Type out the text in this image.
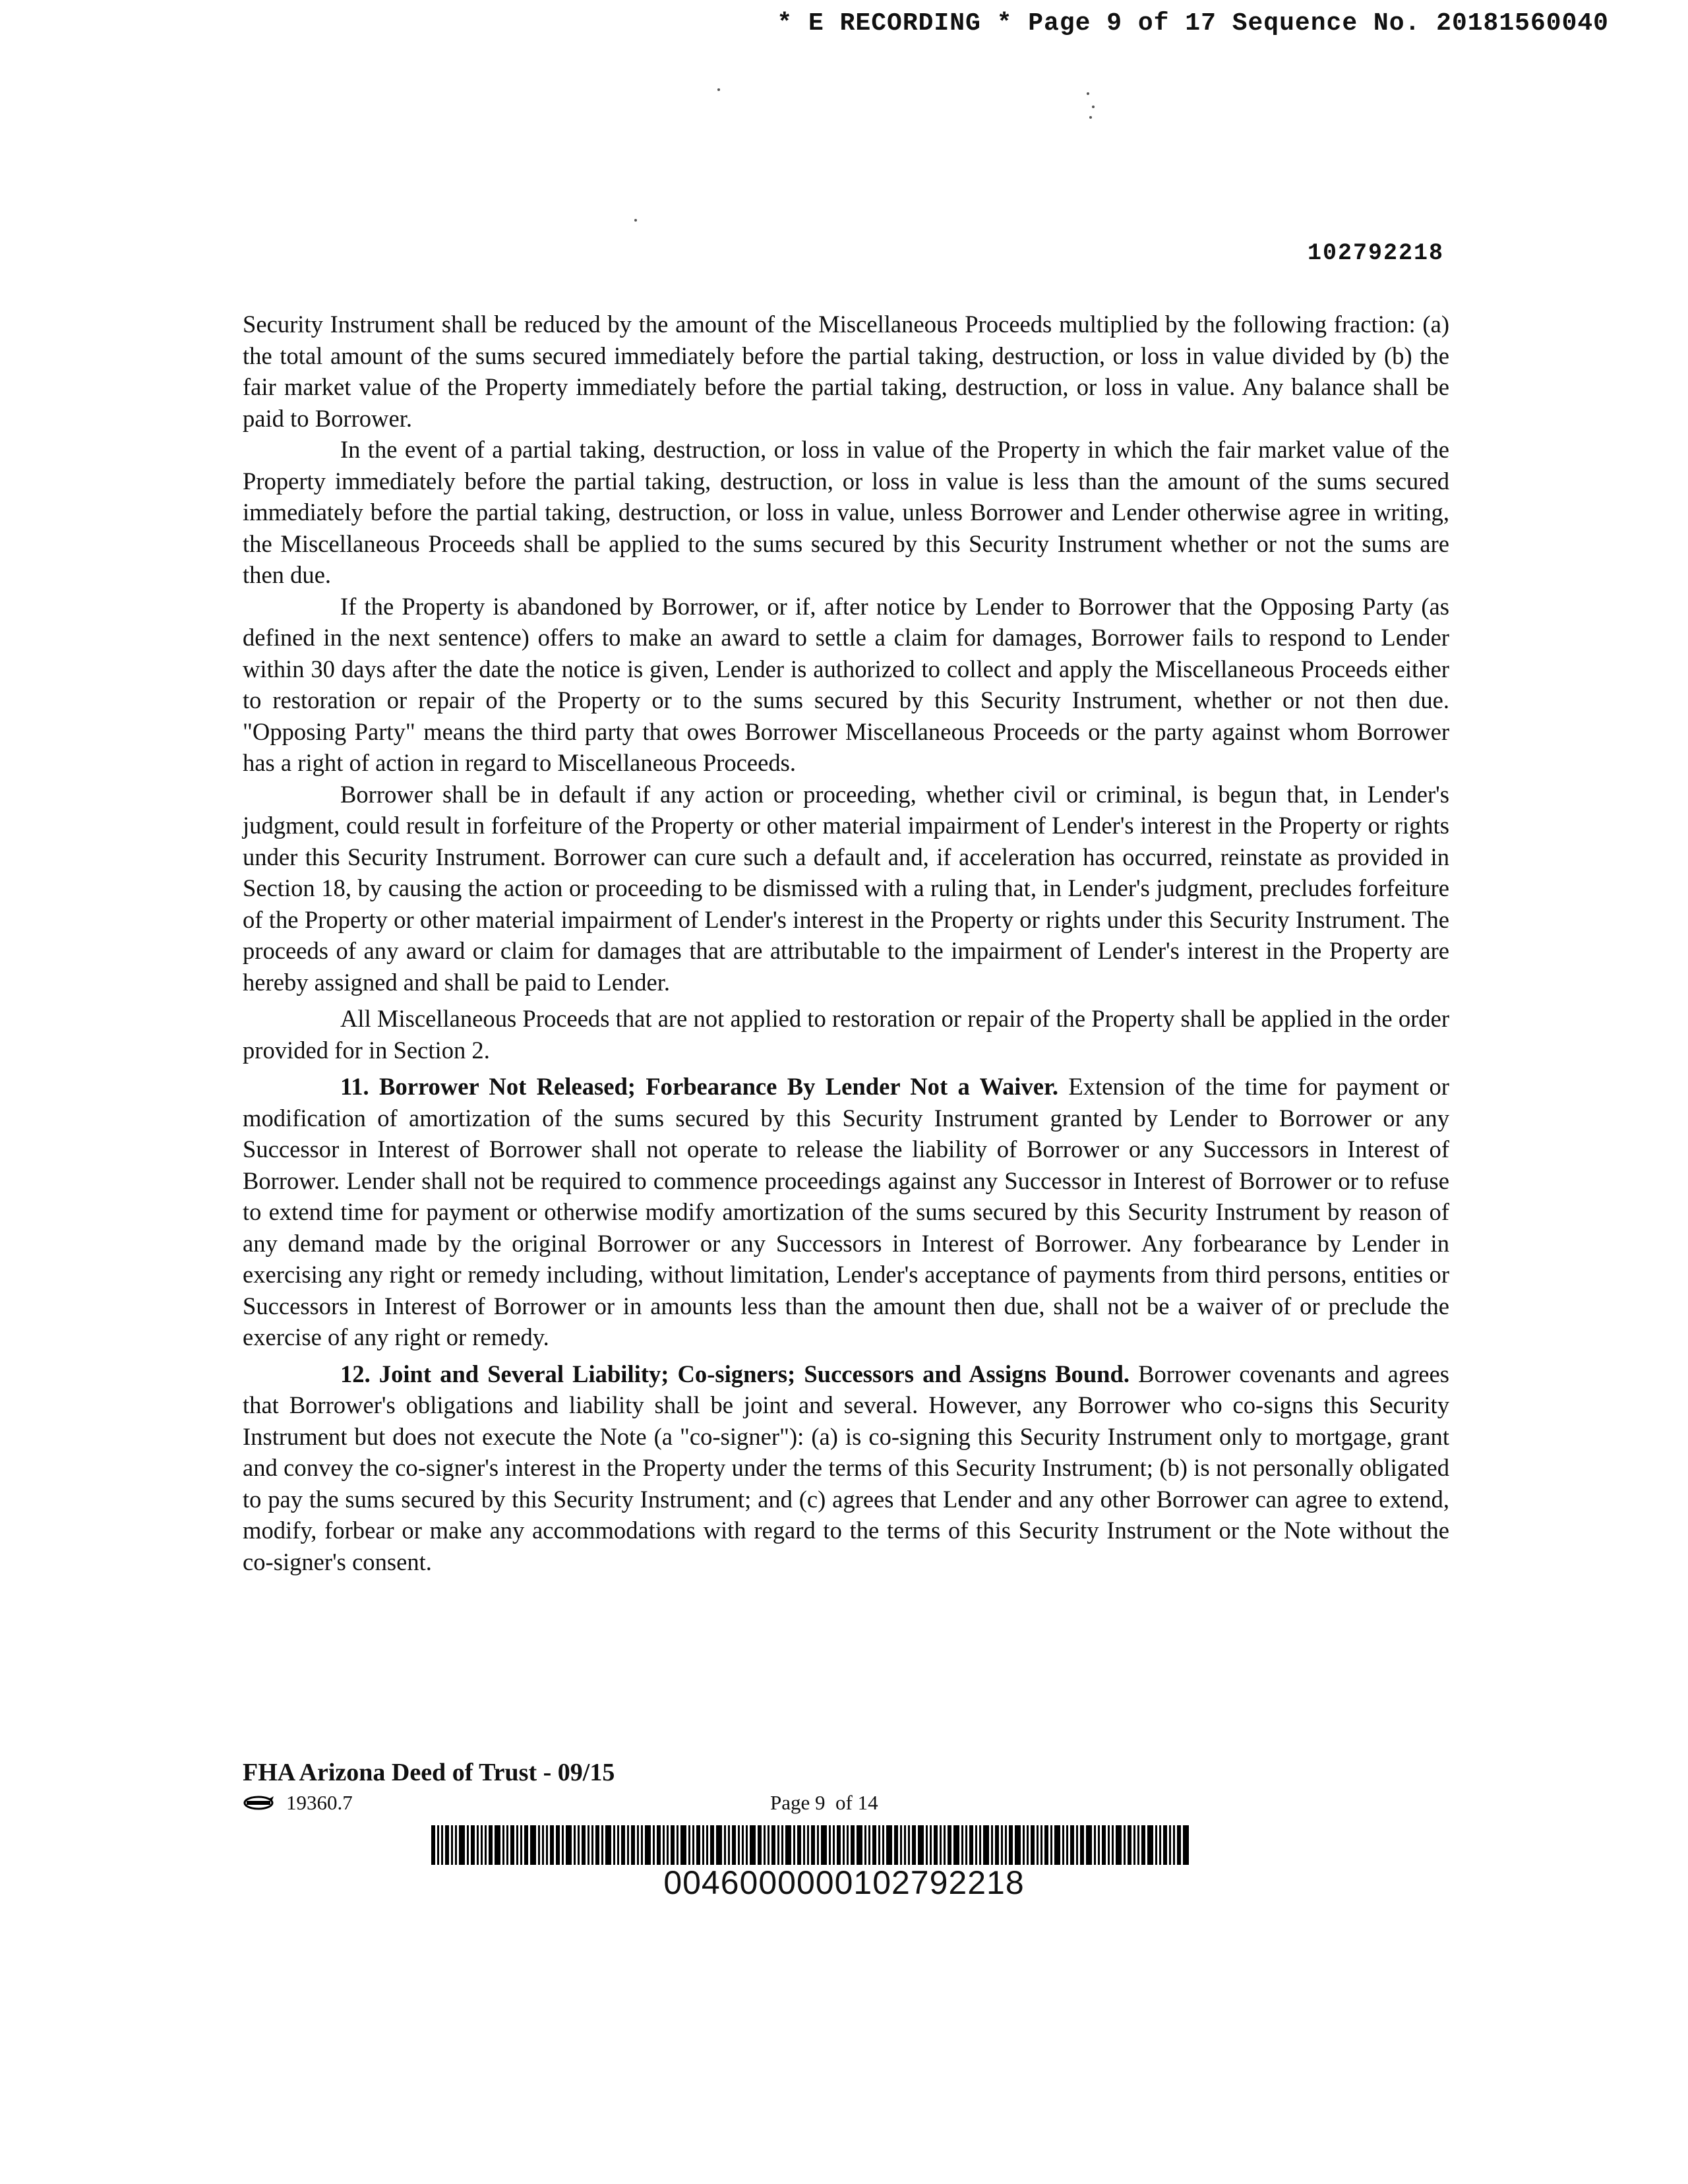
* E RECORDING * Page 9 of 17 Sequence No. 20181560040
102792218

Security Instrument shall be reduced by the amount of the Miscellaneous Proceeds multiplied by the following fraction: (a) the total amount of the sums secured immediately before the partial taking, destruction, or loss in value divided by (b) the fair market value of the Property immediately before the partial taking, destruction, or loss in value. Any balance shall be paid to Borrower.

In the event of a partial taking, destruction, or loss in value of the Property in which the fair market value of the Property immediately before the partial taking, destruction, or loss in value is less than the amount of the sums secured immediately before the partial taking, destruction, or loss in value, unless Borrower and Lender otherwise agree in writing, the Miscellaneous Proceeds shall be applied to the sums secured by this Security Instrument whether or not the sums are then due.

If the Property is abandoned by Borrower, or if, after notice by Lender to Borrower that the Opposing Party (as defined in the next sentence) offers to make an award to settle a claim for damages, Borrower fails to respond to Lender within 30 days after the date the notice is given, Lender is authorized to collect and apply the Miscellaneous Proceeds either to restoration or repair of the Property or to the sums secured by this Security Instrument, whether or not then due. "Opposing Party" means the third party that owes Borrower Miscellaneous Proceeds or the party against whom Borrower has a right of action in regard to Miscellaneous Proceeds.

Borrower shall be in default if any action or proceeding, whether civil or criminal, is begun that, in Lender's judgment, could result in forfeiture of the Property or other material impairment of Lender's interest in the Property or rights under this Security Instrument. Borrower can cure such a default and, if acceleration has occurred, reinstate as provided in Section 18, by causing the action or proceeding to be dismissed with a ruling that, in Lender's judgment, precludes forfeiture of the Property or other material impairment of Lender's interest in the Property or rights under this Security Instrument. The proceeds of any award or claim for damages that are attributable to the impairment of Lender's interest in the Property are hereby assigned and shall be paid to Lender.

All Miscellaneous Proceeds that are not applied to restoration or repair of the Property shall be applied in the order provided for in Section 2.

11. Borrower Not Released; Forbearance By Lender Not a Waiver. Extension of the time for payment or modification of amortization of the sums secured by this Security Instrument granted by Lender to Borrower or any Successor in Interest of Borrower shall not operate to release the liability of Borrower or any Successors in Interest of Borrower. Lender shall not be required to commence proceedings against any Successor in Interest of Borrower or to refuse to extend time for payment or otherwise modify amortization of the sums secured by this Security Instrument by reason of any demand made by the original Borrower or any Successors in Interest of Borrower. Any forbearance by Lender in exercising any right or remedy including, without limitation, Lender's acceptance of payments from third persons, entities or Successors in Interest of Borrower or in amounts less than the amount then due, shall not be a waiver of or preclude the exercise of any right or remedy.

12. Joint and Several Liability; Co-signers; Successors and Assigns Bound. Borrower covenants and agrees that Borrower's obligations and liability shall be joint and several. However, any Borrower who co-signs this Security Instrument but does not execute the Note (a "co-signer"): (a) is co-signing this Security Instrument only to mortgage, grant and convey the co-signer's interest in the Property under the terms of this Security Instrument; (b) is not personally obligated to pay the sums secured by this Security Instrument; and (c) agrees that Lender and any other Borrower can agree to extend, modify, forbear or make any accommodations with regard to the terms of this Security Instrument or the Note without the co-signer's consent.

FHA Arizona Deed of Trust - 09/15
19360.7	Page 9  of 14
0046000000102792218
